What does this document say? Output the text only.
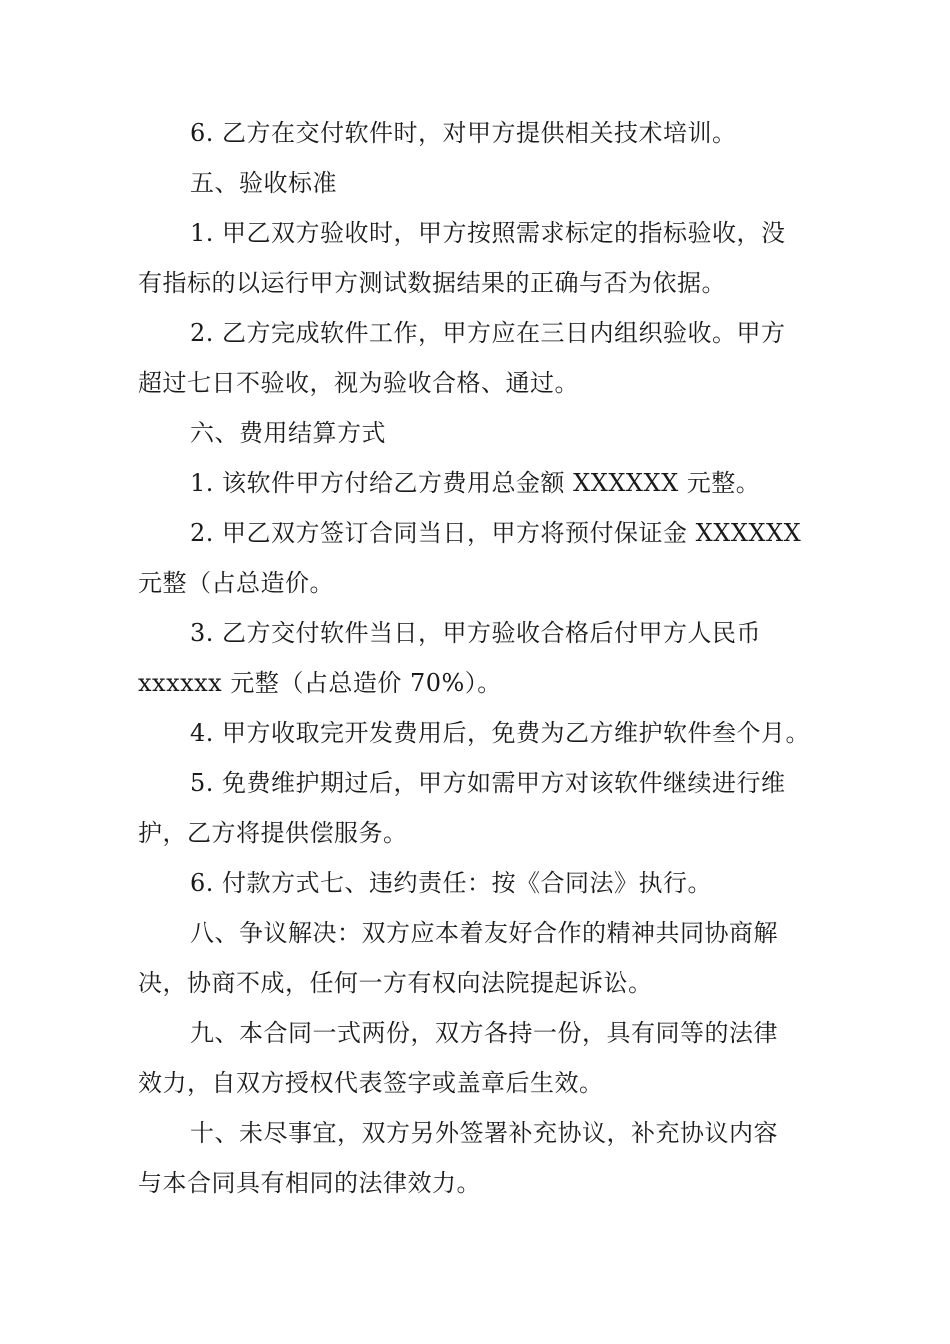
6. 乙方在交付软件时，对甲方提供相关技术培训。
五、验收标准
1. 甲乙双方验收时，甲方按照需求标定的指标验收，没
有指标的以运行甲方测试数据结果的正确与否为依据。
2. 乙方完成软件工作，甲方应在三日内组织验收。甲方
超过七日不验收，视为验收合格、通过。
六、费用结算方式
1. 该软件甲方付给乙方费用总金额 XXXXXX 元整。
2. 甲乙双方签订合同当日，甲方将预付保证金 XXXXXX
元整（占总造价。
3. 乙方交付软件当日，甲方验收合格后付甲方人民币
xxxxxx 元整（占总造价 70%）。
4. 甲方收取完开发费用后，免费为乙方维护软件叁个月。
5. 免费维护期过后，甲方如需甲方对该软件继续进行维
护，乙方将提供偿服务。
6. 付款方式七、违约责任：按《合同法》执行。
八、争议解决：双方应本着友好合作的精神共同协商解
决，协商不成，任何一方有权向法院提起诉讼。
九、本合同一式两份，双方各持一份，具有同等的法律
效力，自双方授权代表签字或盖章后生效。
十、未尽事宜，双方另外签署补充协议，补充协议内容
与本合同具有相同的法律效力。
